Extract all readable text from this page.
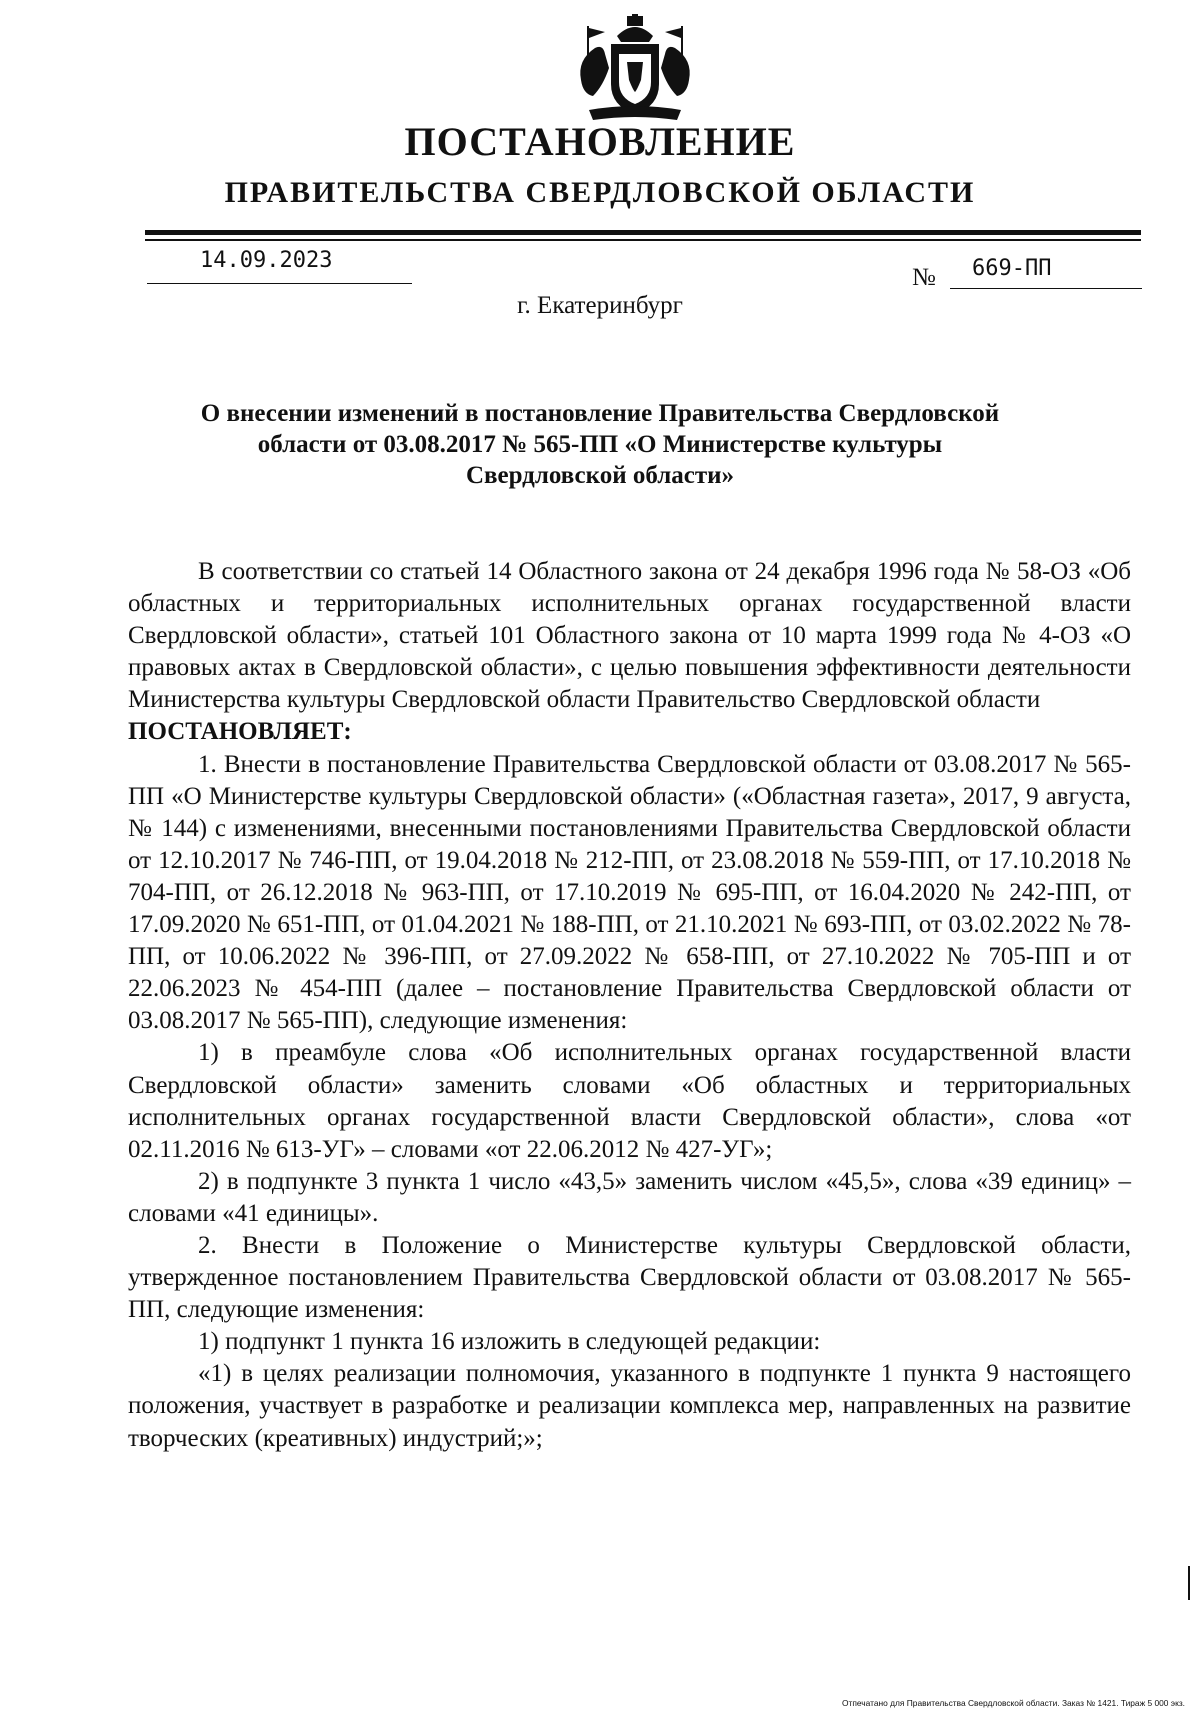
ПОСТАНОВЛЕНИЕ
ПРАВИТЕЛЬСТВА СВЕРДЛОВСКОЙ ОБЛАСТИ
14.09.2023
№ 669-ПП
г. Екатеринбург
О внесении изменений в постановление Правительства Свердловской области от 03.08.2017 № 565-ПП «О Министерстве культуры Свердловской области»

В соответствии со статьей 14 Областного закона от 24 декабря 1996 года № 58-ОЗ «Об областных и территориальных исполнительных органах государственной власти Свердловской области», статьей 101 Областного закона от 10 марта 1999 года № 4-ОЗ «О правовых актах в Свердловской области», с целью повышения эффективности деятельности Министерства культуры Свердловской области Правительство Свердловской области

ПОСТАНОВЛЯЕТ:

1. Внести в постановление Правительства Свердловской области от 03.08.2017 № 565-ПП «О Министерстве культуры Свердловской области» («Областная газета», 2017, 9 августа, № 144) с изменениями, внесенными постановлениями Правительства Свердловской области от 12.10.2017 № 746-ПП, от 19.04.2018 № 212-ПП, от 23.08.2018 № 559-ПП, от 17.10.2018 № 704-ПП, от 26.12.2018 № 963-ПП, от 17.10.2019 № 695-ПП, от 16.04.2020 № 242-ПП, от 17.09.2020 № 651-ПП, от 01.04.2021 № 188-ПП, от 21.10.2021 № 693-ПП, от 03.02.2022 № 78-ПП, от 10.06.2022 № 396-ПП, от 27.09.2022 № 658-ПП, от 27.10.2022 № 705-ПП и от 22.06.2023 № 454-ПП (далее – постановление Правительства Свердловской области от 03.08.2017 № 565-ПП), следующие изменения:

1) в преамбуле слова «Об исполнительных органах государственной власти Свердловской области» заменить словами «Об областных и территориальных исполнительных органах государственной власти Свердловской области», слова «от 02.11.2016 № 613-УГ» – словами «от 22.06.2012 № 427-УГ»;

2) в подпункте 3 пункта 1 число «43,5» заменить числом «45,5», слова «39 единиц» – словами «41 единицы».

2. Внести в Положение о Министерстве культуры Свердловской области, утвержденное постановлением Правительства Свердловской области от 03.08.2017 № 565-ПП, следующие изменения:

1) подпункт 1 пункта 16 изложить в следующей редакции:

«1) в целях реализации полномочия, указанного в подпункте 1 пункта 9 настоящего положения, участвует в разработке и реализации комплекса мер, направленных на развитие творческих (креативных) индустрий;»;

Отпечатано для Правительства Свердловской области. Заказ № 1421. Тираж 5 000 экз.
